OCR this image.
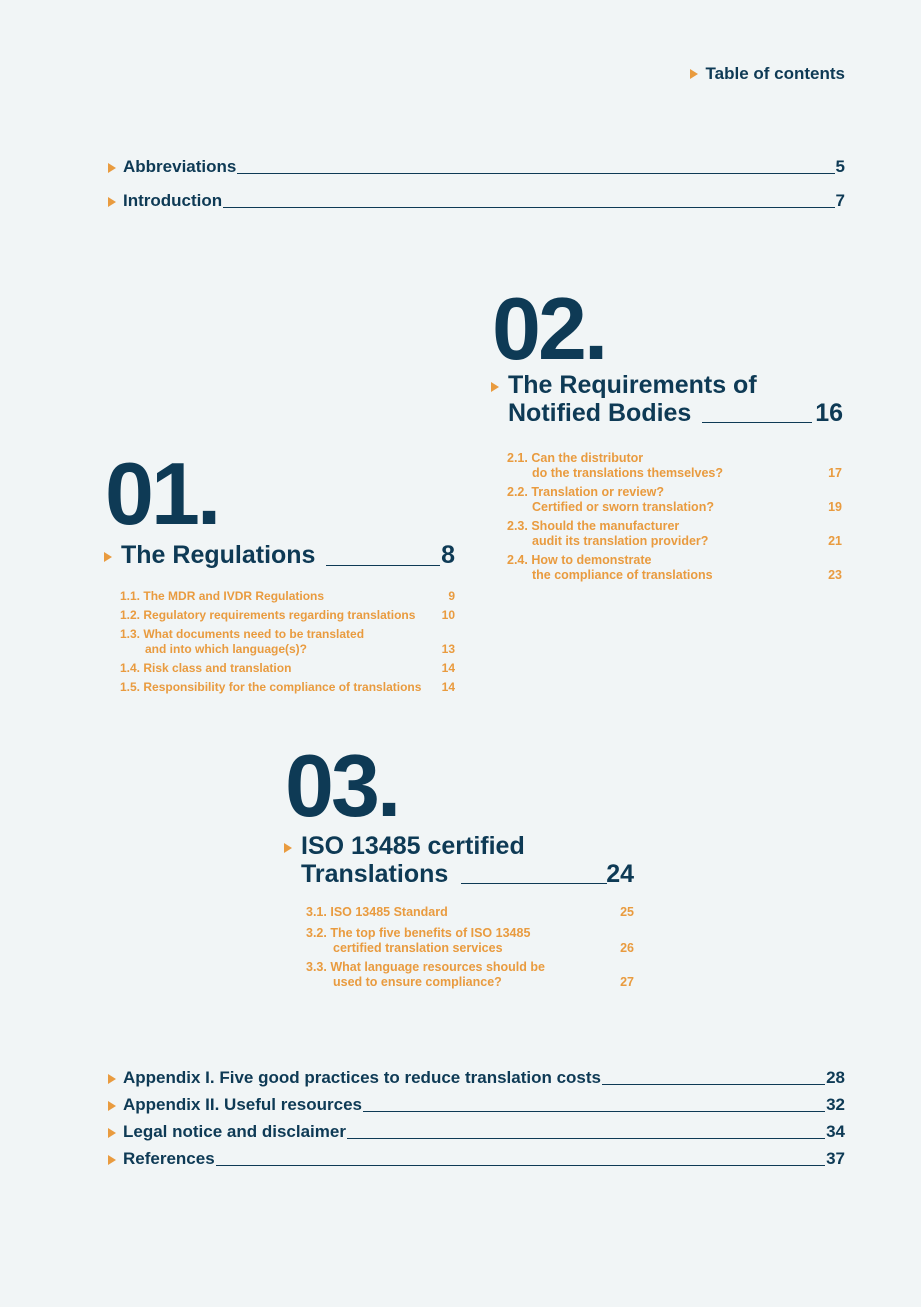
Table of contents
Abbreviations	5
Introduction	7
02.
The Requirements of
Notified Bodies	16
2.1. Can the distributor
do the translations themselves?	17
2.2. Translation or review?
Certified or sworn translation?	19
2.3. Should the manufacturer
audit its translation provider?	21
2.4. How to demonstrate
the compliance of translations	23
01.
The Regulations	8
1.1. The MDR and IVDR Regulations	9
1.2. Regulatory requirements regarding translations	10
1.3. What documents need to be translated
and into which language(s)?	13
1.4. Risk class and translation	14
1.5. Responsibility for the compliance of translations	14
03.
ISO 13485 certified
Translations	24
3.1. ISO 13485 Standard	25
3.2. The top five benefits of ISO 13485
certified translation services	26
3.3. What language resources should be
used to ensure compliance?	27
Appendix I. Five good practices to reduce translation costs	28
Appendix II. Useful resources	32
Legal notice and disclaimer	34
References	37
